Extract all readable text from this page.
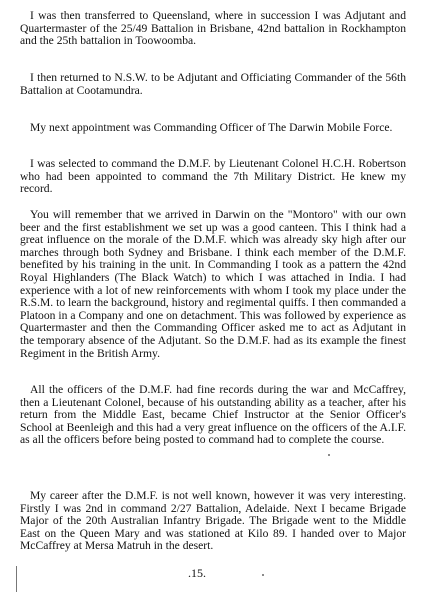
I was then transferred to Queensland, where in succession I was Adjutant and Quartermaster of the 25/49 Battalion in Brisbane, 42nd battalion in Rockhampton and the 25th battalion in Toowoomba.

I then returned to N.S.W. to be Adjutant and Officiating Commander of the 56th Battalion at Cootamundra.

My next appointment was Commanding Officer of The Darwin Mobile Force.

I was selected to command the D.M.F. by Lieutenant Colonel H.C.H. Robertson who had been appointed to command the 7th Military District. He knew my record.

You will remember that we arrived in Darwin on the "Montoro" with our own beer and the first establishment we set up was a good canteen. This I think had a great influence on the morale of the D.M.F. which was already sky high after our marches through both Sydney and Brisbane. I think each member of the D.M.F. benefited by his training in the unit. In Commanding I took as a pattern the 42nd Royal Highlanders (The Black Watch) to which I was attached in India. I had experience with a lot of new reinforcements with whom I took my place under the R.S.M. to learn the background, history and regimental quiffs. I then commanded a Platoon in a Company and one on detachment. This was followed by experience as Quartermaster and then the Commanding Officer asked me to act as Adjutant in the temporary absence of the Adjutant. So the D.M.F. had as its example the finest Regiment in the British Army.

All the officers of the D.M.F. had fine records during the war and McCaffrey, then a Lieutenant Colonel, because of his outstanding ability as a teacher, after his return from the Middle East, became Chief Instructor at the Senior Officer's School at Beenleigh and this had a very great influence on the officers of the A.I.F. as all the officers before being posted to command had to complete the course.

My career after the D.M.F. is not well known, however it was very interesting. Firstly I was 2nd in command 2/27 Battalion, Adelaide. Next I became Brigade Major of the 20th Australian Infantry Brigade. The Brigade went to the Middle East on the Queen Mary and was stationed at Kilo 89. I handed over to Major McCaffrey at Mersa Matruh in the desert.

.15.
